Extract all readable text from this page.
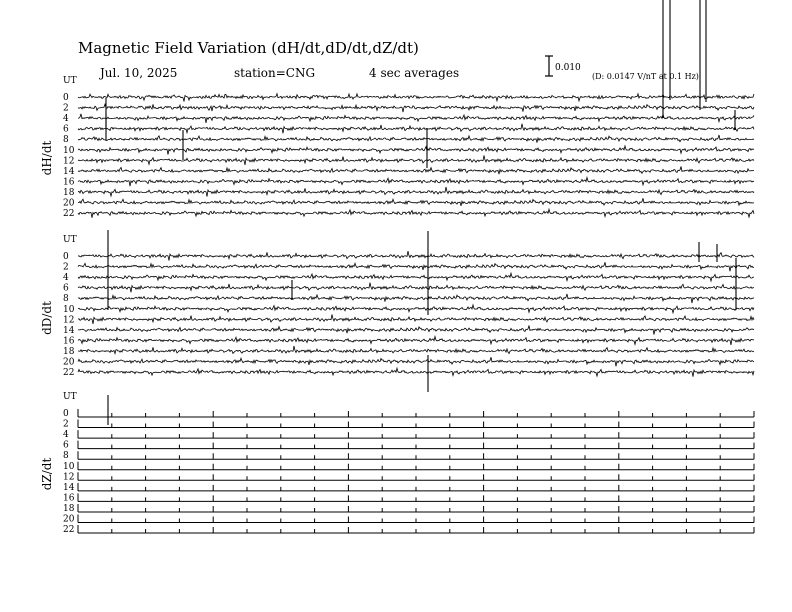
Magnetic Field Variation (dH/dt,dD/dt,dZ/dt)
Jul. 10, 2025	station=CNG	4 sec averages	0.010
(D: 0.0147 V/nT at 0.1 Hz)
UT
dH/dt
0
2
4
6
8
10
12
14
16
18
20
22
UT
dD/dt
0
2
4
6
8
10
12
14
16
18
20
22
UT
dZ/dt
0
2
4
6
8
10
12
14
16
18
20
22
